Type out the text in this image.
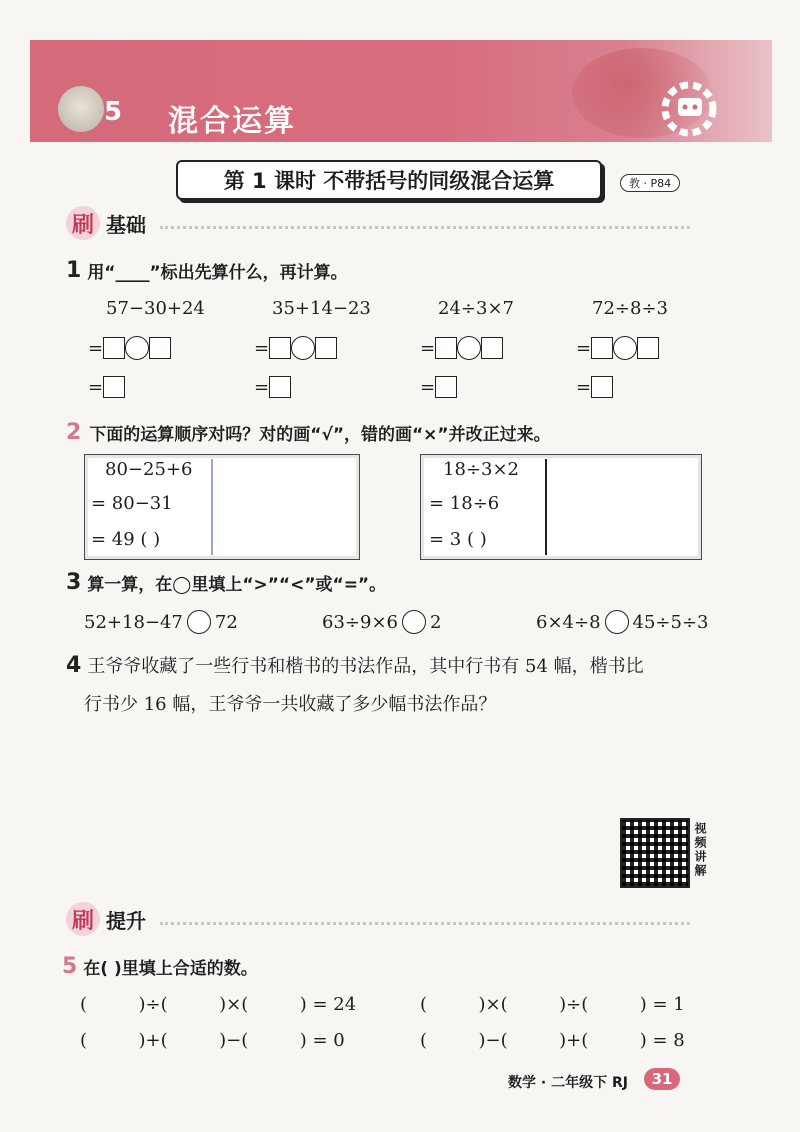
5 混合运算
第 1 课时 不带括号的同级混合运算	教 · P84
刷 基础
1 用“____”标出先算什么，再计算。
57−30+24	35+14−23	24÷3×7	72÷8÷3
=	=	=	=
=	=	=	=
2 下面的运算顺序对吗？对的画“√”，错的画“×”并改正过来。
80−25+6
= 80−31
= 49 ( )
18÷3×2
= 18÷6
= 3 ( )
3 算一算，在◯里填上“>”“<”或“=”。
52+18−47 72	63÷9×6 2	6×4÷8 45÷5÷3
4 王爷爷收藏了一些行书和楷书的书法作品，其中行书有 54 幅，楷书比
行书少 16 幅，王爷爷一共收藏了多少幅书法作品？
视频讲解
刷 提升
5 在( )里填上合适的数。
(         )÷(         )×(         ) = 24	(         )×(         )÷(         ) = 1
(         )+(         )−(         ) = 0	(         )−(         )+(         ) = 8
数学 · 二年级下 RJ	31
